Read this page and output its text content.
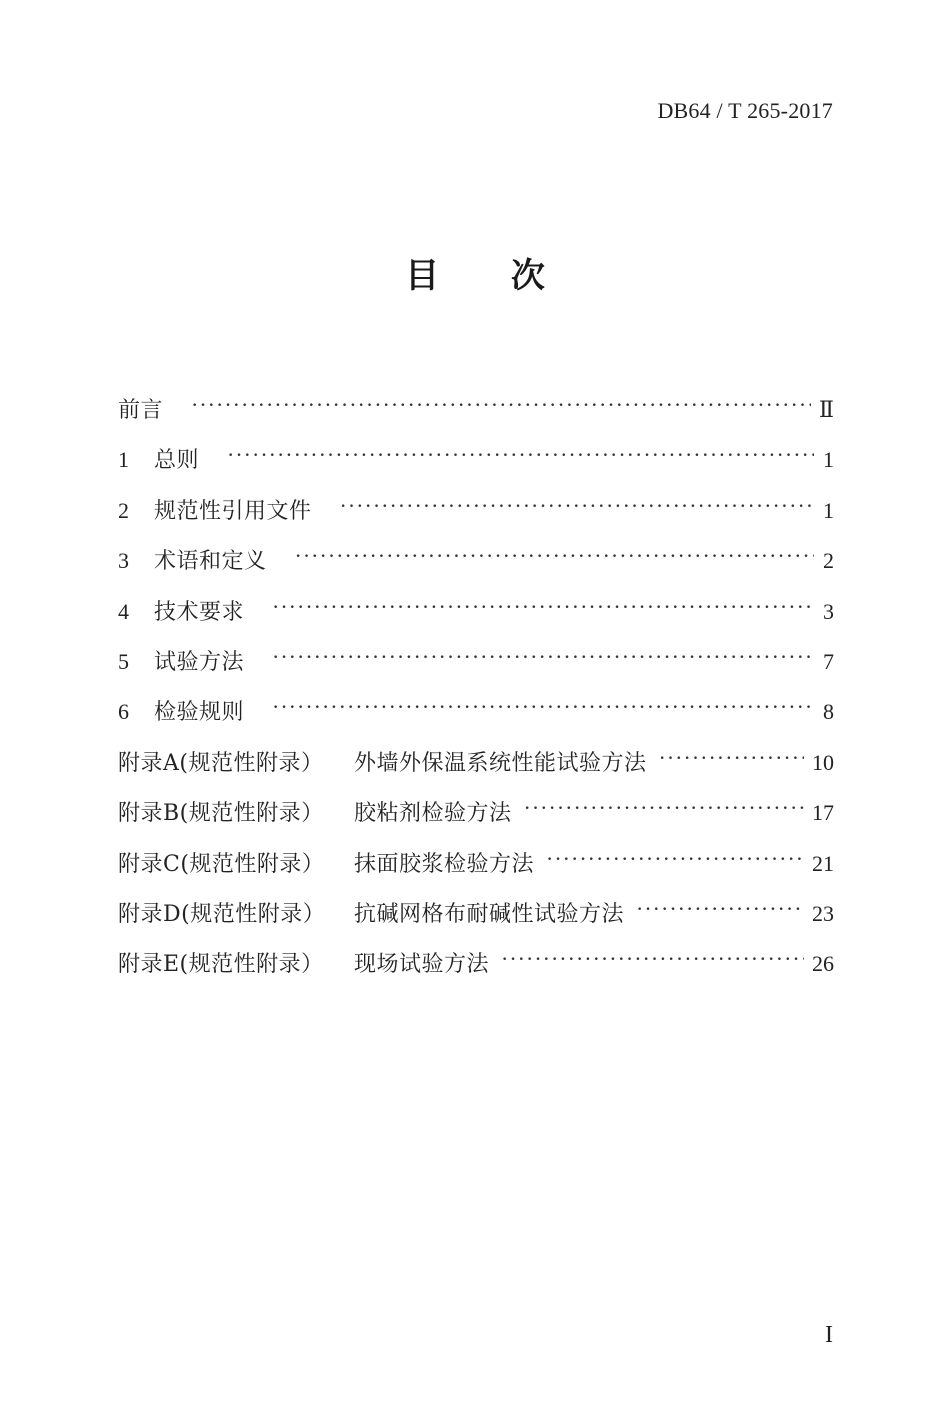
DB64 / T 265-2017
目 次
前言 ·····	Ⅱ
1	总则 ·····	1
2	规范性引用文件 ·····	1
3	术语和定义 ·····	2
4	技术要求 ·····	3
5	试验方法 ·····	7
6	检验规则 ·····	8
附录A(规范性附录）	外墙外保温系统性能试验方法 ·····	10
附录B(规范性附录）	胶粘剂检验方法 ·····	17
附录C(规范性附录）	抹面胶浆检验方法 ·····	21
附录D(规范性附录）	抗碱网格布耐碱性试验方法 ·····	23
附录E(规范性附录）	现场试验方法 ·····	26
I
